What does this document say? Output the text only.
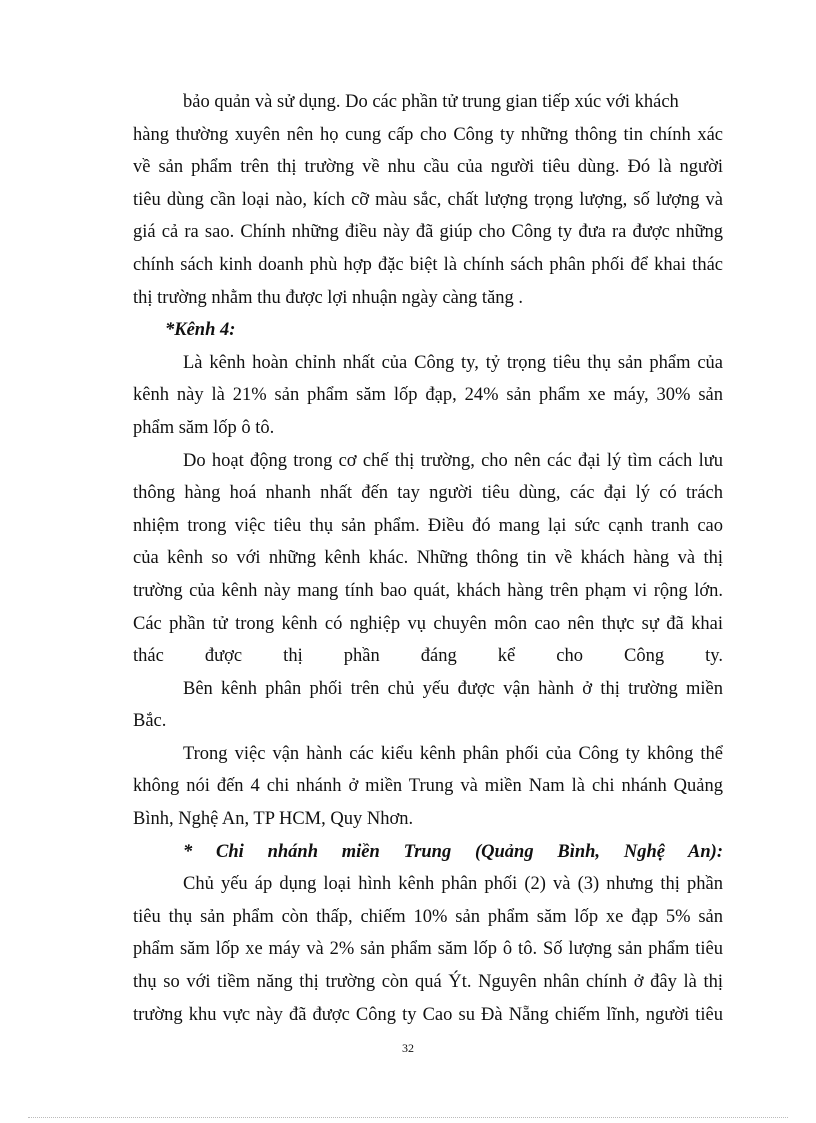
bảo quản và sử dụng. Do các phần tử trung gian tiếp xúc với khách
hàng thường xuyên nên họ cung cấp cho Công ty những thông tin chính xác
về sản phẩm trên thị trường về nhu cầu của người tiêu dùng. Đó là người
tiêu dùng cần loại nào, kích cỡ màu sắc, chất lượng trọng lượng, số lượng và
giá cả ra sao. Chính những điều này đã giúp cho Công ty đưa ra được những
chính sách kinh doanh phù hợp đặc biệt là chính sách phân phối để khai thác
thị trường nhằm thu được lợi nhuận ngày càng tăng .
*Kênh 4:
Là kênh hoàn chỉnh nhất của Công ty, tỷ trọng tiêu thụ sản phẩm của
kênh này là 21% sản phẩm săm lốp đạp, 24% sản phẩm xe máy, 30% sản
phẩm săm lốp ô tô.
Do hoạt động trong cơ chế thị trường, cho nên các đại lý tìm cách lưu
thông hàng hoá nhanh nhất đến tay người tiêu dùng, các đại lý có trách
nhiệm trong việc tiêu thụ sản phẩm. Điều đó mang lại sức cạnh tranh cao
của kênh so với những kênh khác. Những thông tin về khách hàng và thị
trường của kênh này mang tính bao quát, khách hàng trên phạm vi rộng lớn.
Các phần tử trong kênh có nghiệp vụ chuyên môn cao nên thực sự đã khai
thác được thị phần đáng kể cho Công ty.
Bên kênh phân phối trên chủ yếu được vận hành ở thị trường miền
Bắc.
Trong việc vận hành các kiểu kênh phân phối của Công ty không thể
không nói đến 4 chi nhánh ở miền Trung và miền Nam là chi nhánh Quảng
Bình, Nghệ An, TP HCM, Quy Nhơn.
* Chi nhánh miền Trung (Quảng Bình, Nghệ An):
Chủ yếu áp dụng loại hình kênh phân phối (2) và (3) nhưng thị phần
tiêu thụ sản phẩm còn thấp, chiếm 10% sản phẩm săm lốp xe đạp 5% sản
phẩm săm lốp xe máy và 2% sản phẩm săm lốp ô tô. Số lượng sản phẩm tiêu
thụ so với tiềm năng thị trường còn quá Ýt. Nguyên nhân chính ở đây là thị
trường khu vực này đã được Công ty Cao su Đà Nẵng chiếm lĩnh, người tiêu
32
